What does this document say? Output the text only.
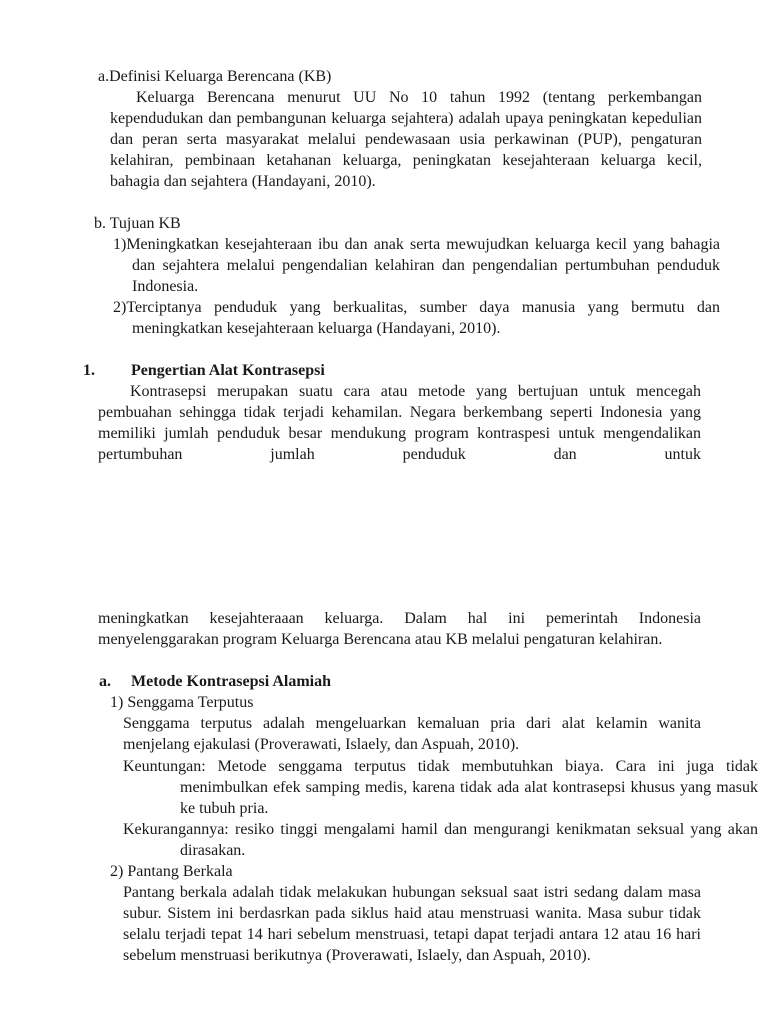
a.Definisi Keluarga Berencana (KB)

Keluarga Berencana menurut UU No 10 tahun 1992 (tentang perkembangan kependudukan dan pembangunan keluarga sejahtera) adalah upaya peningkatan kepedulian dan peran serta masyarakat melalui pendewasaan usia perkawinan (PUP), pengaturan kelahiran, pembinaan ketahanan keluarga, peningkatan kesejahteraan keluarga kecil, bahagia dan sejahtera (Handayani, 2010).
b. Tujuan KB
1)Meningkatkan kesejahteraan ibu dan anak serta mewujudkan keluarga kecil yang bahagia dan sejahtera melalui pengendalian kelahiran dan pengendalian pertumbuhan penduduk Indonesia.
2)Terciptanya penduduk yang berkualitas, sumber daya manusia yang bermutu dan meningkatkan kesejahteraan keluarga (Handayani, 2010).
1. Pengertian Alat Kontrasepsi
Kontrasepsi merupakan suatu cara atau metode yang bertujuan untuk mencegah pembuahan sehingga tidak terjadi kehamilan. Negara berkembang seperti Indonesia yang memiliki jumlah penduduk besar mendukung program kontraspesi untuk mengendalikan pertumbuhan jumlah penduduk dan untuk
meningkatkan kesejahteraaan keluarga. Dalam hal ini pemerintah Indonesia menyelenggarakan program Keluarga Berencana atau KB melalui pengaturan kelahiran.
a. Metode Kontrasepsi Alamiah
1) Senggama Terputus
Senggama terputus adalah mengeluarkan kemaluan pria dari alat kelamin wanita menjelang ejakulasi (Proverawati, Islaely, dan Aspuah, 2010).
Keuntungan: Metode senggama terputus tidak membutuhkan biaya. Cara ini juga tidak menimbulkan efek samping medis, karena tidak ada alat kontrasepsi khusus yang masuk ke tubuh pria.
Kekurangannya: resiko tinggi mengalami hamil dan mengurangi kenikmatan seksual yang akan dirasakan.
2) Pantang Berkala
Pantang berkala adalah tidak melakukan hubungan seksual saat istri sedang dalam masa subur. Sistem ini berdasrkan pada siklus haid atau menstruasi wanita. Masa subur tidak selalu terjadi tepat 14 hari sebelum menstruasi, tetapi dapat terjadi antara 12 atau 16 hari sebelum menstruasi berikutnya (Proverawati, Islaely, dan Aspuah, 2010).
